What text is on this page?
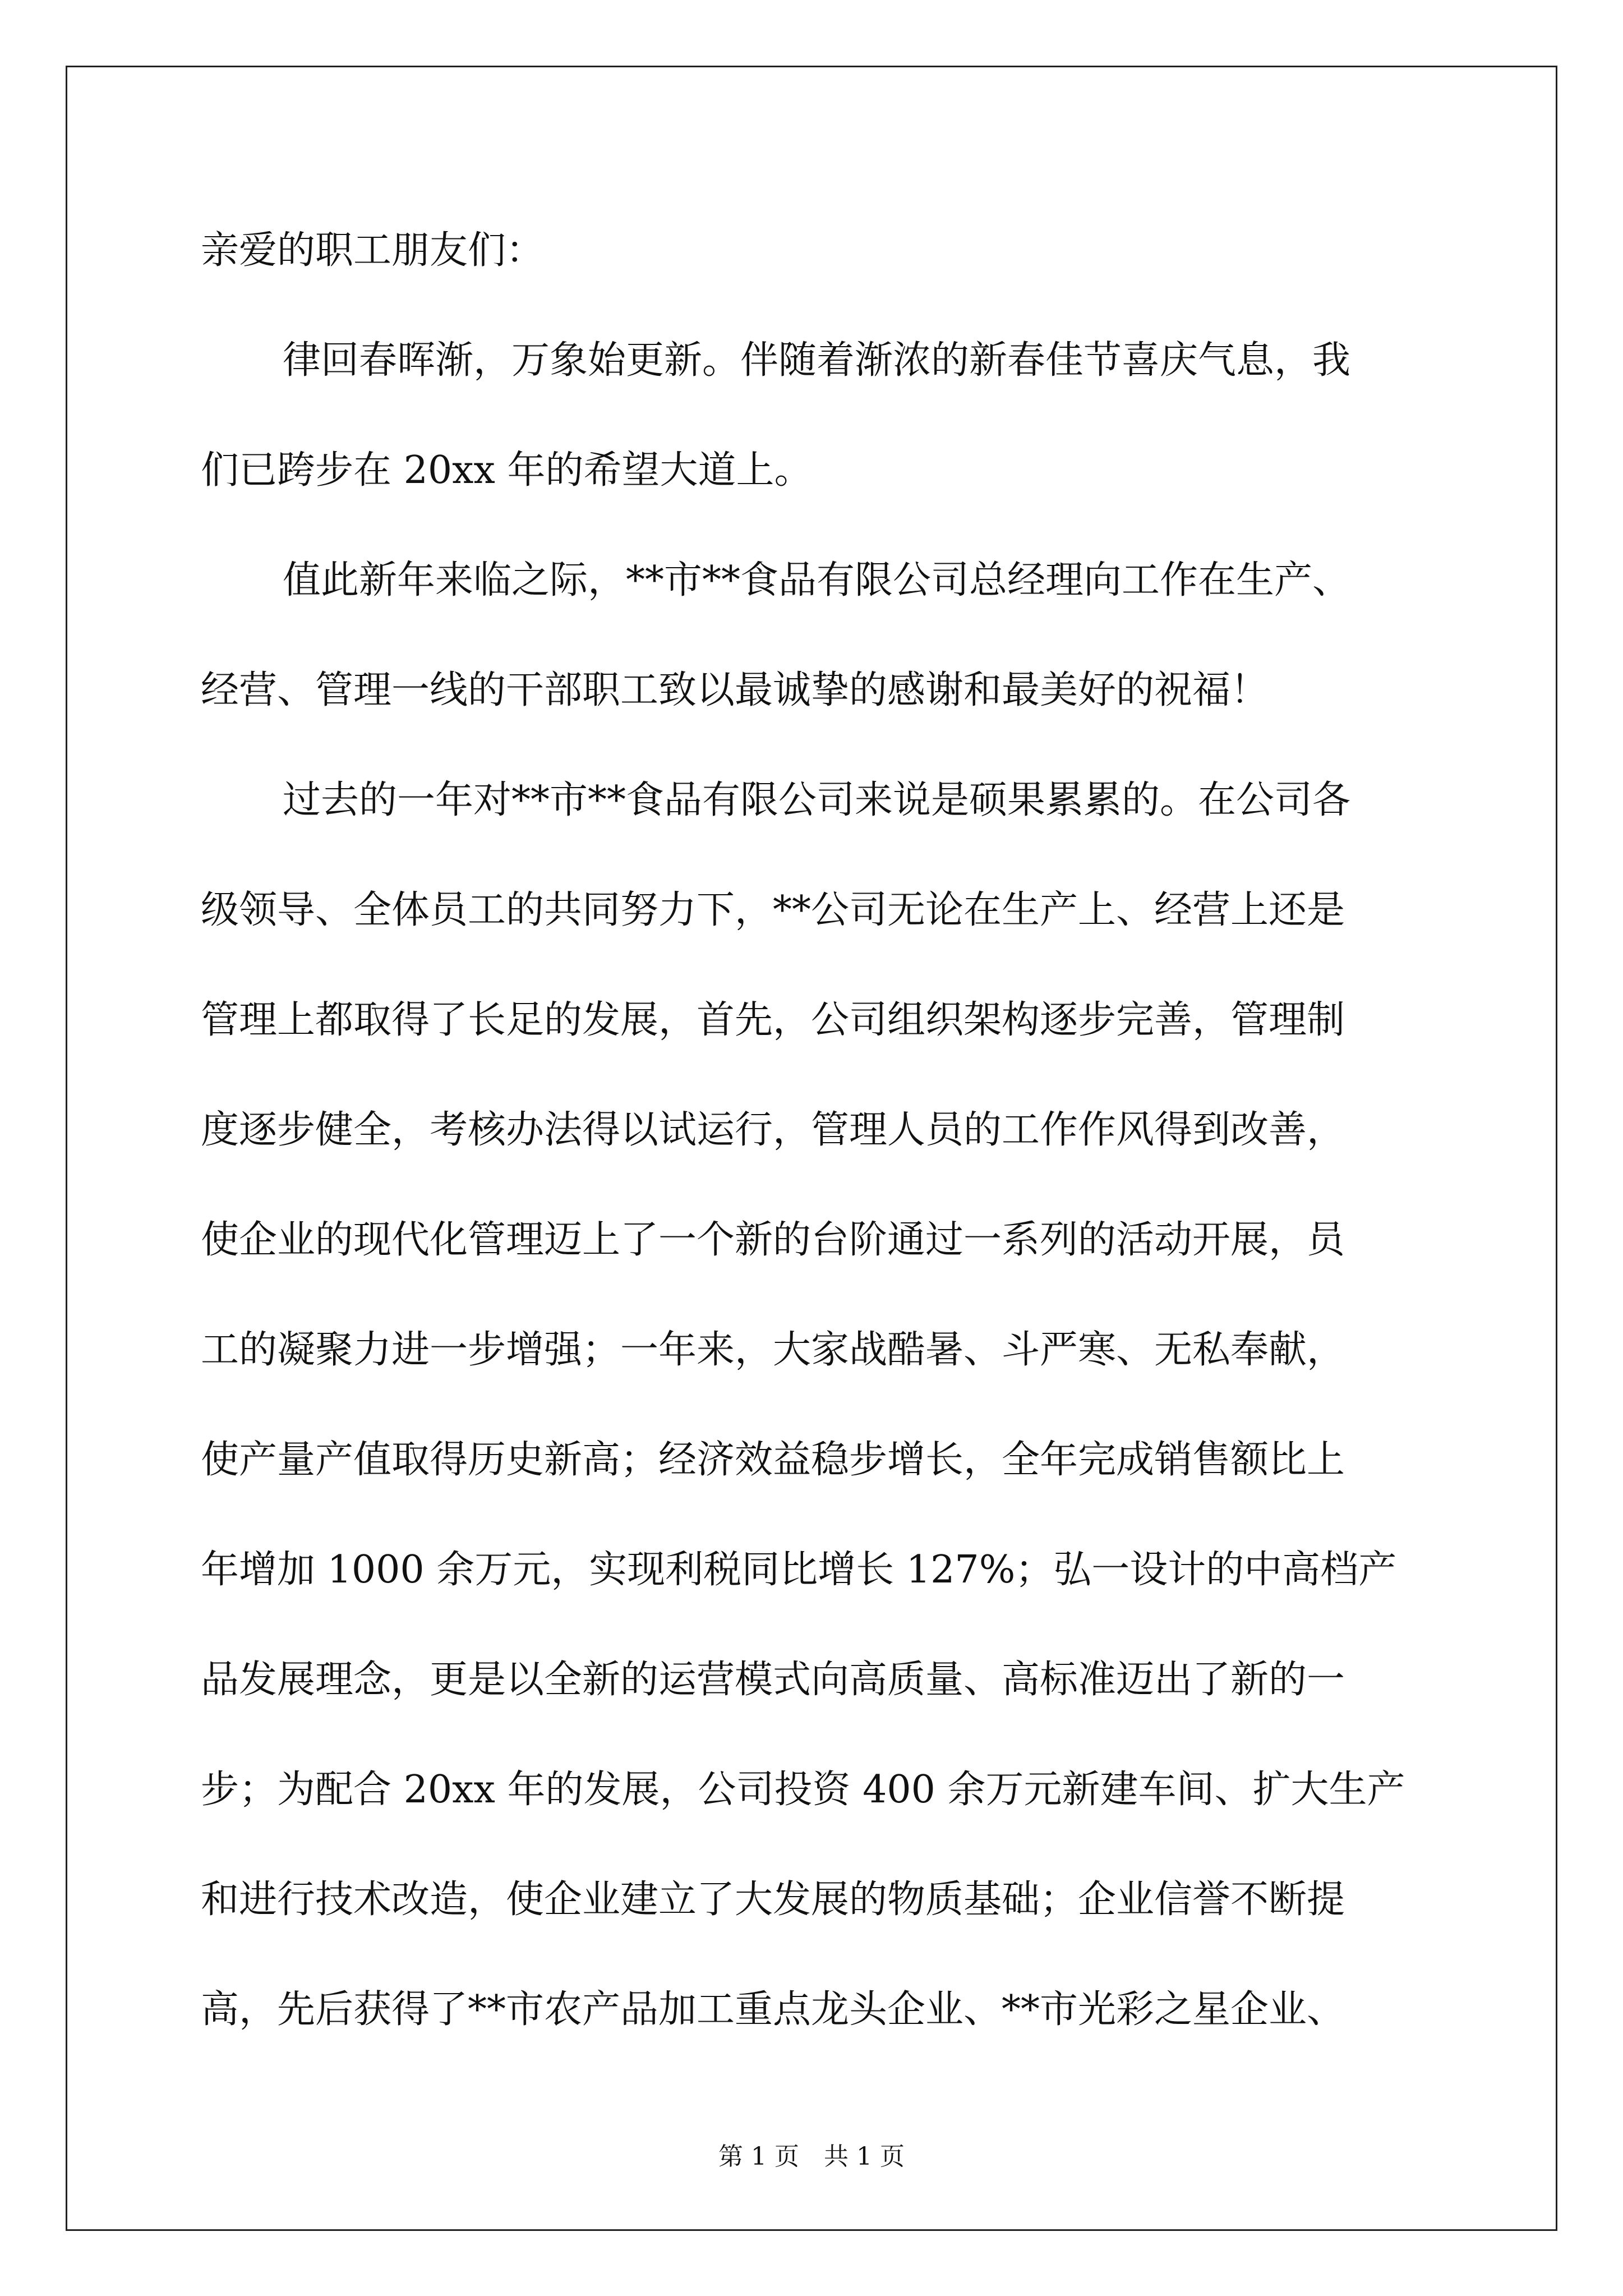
亲爱的职工朋友们：
律回春晖渐，万象始更新。伴随着渐浓的新春佳节喜庆气息，我
们已跨步在 20xx 年的希望大道上。
值此新年来临之际，**市**食品有限公司总经理向工作在生产、
经营、管理一线的干部职工致以最诚挚的感谢和最美好的祝福！
过去的一年对**市**食品有限公司来说是硕果累累的。在公司各
级领导、全体员工的共同努力下，**公司无论在生产上、经营上还是
管理上都取得了长足的发展，首先，公司组织架构逐步完善，管理制
度逐步健全，考核办法得以试运行，管理人员的工作作风得到改善，
使企业的现代化管理迈上了一个新的台阶通过一系列的活动开展，员
工的凝聚力进一步增强；一年来，大家战酷暑、斗严寒、无私奉献，
使产量产值取得历史新高；经济效益稳步增长，全年完成销售额比上
年增加 1000 余万元，实现利税同比增长 127%；弘一设计的中高档产
品发展理念，更是以全新的运营模式向高质量、高标准迈出了新的一
步；为配合 20xx 年的发展，公司投资 400 余万元新建车间、扩大生产
和进行技术改造，使企业建立了大发展的物质基础；企业信誉不断提
高，先后获得了**市农产品加工重点龙头企业、**市光彩之星企业、
第 1 页　共 1 页
